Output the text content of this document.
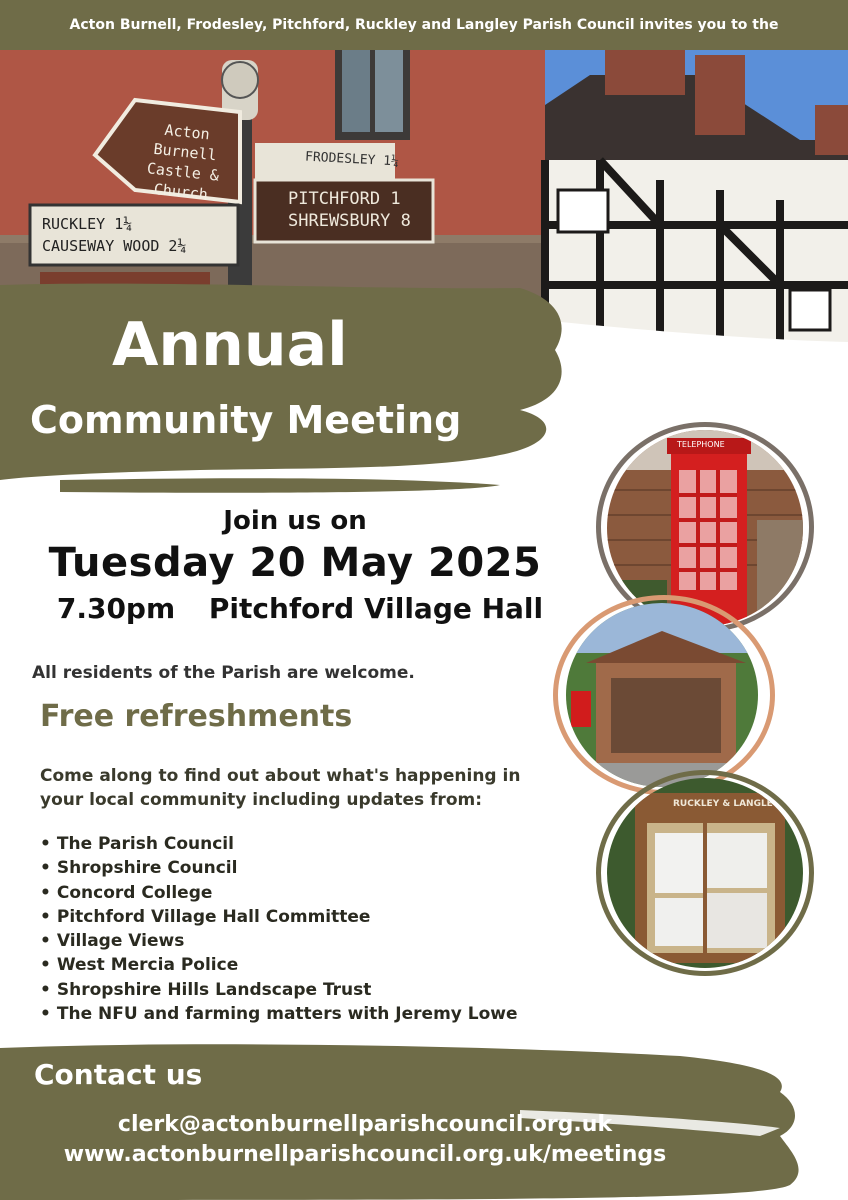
Acton Burnell, Frodesley, Pitchford, Ruckley and Langley Parish Council invites you to the
Acton Burnell
Castle & Church
FRODESLEY 1¼
PITCHFORD 1
SHREWSBURY 8
RUCKLEY 1¼
CAUSEWAY WOOD 2¼
Annual
Community Meeting
Join us on
Tuesday 20 May 2025
7.30pm Pitchford Village Hall
All residents of the Parish are welcome.
Free refreshments
Come along to find out about what's happening in your local community including updates from:
• The Parish Council
• Shropshire Council
• Concord College
• Pitchford Village Hall Committee
• Village Views
• West Mercia Police
• Shropshire Hills Landscape Trust
• The NFU and farming matters with Jeremy Lowe
TELEPHONE
RUCKLEY & LANGLEY
Contact us
clerk@actonburnellparishcouncil.org.uk
www.actonburnellparishcouncil.org.uk/meetings
